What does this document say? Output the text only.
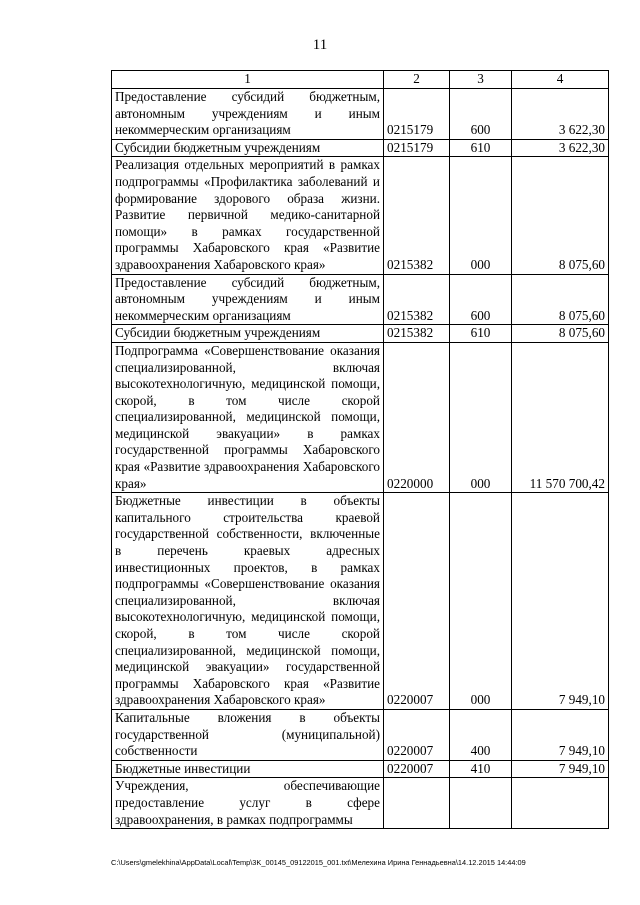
11
1	2	3	4
Предоставление субсидий бюджетным, автономным учреждениям и иным некоммерческим организациям	0215179	600	3 622,30
Субсидии бюджетным учреждениям	0215179	610	3 622,30
Реализация отдельных мероприятий в рамках подпрограммы «Профилактика заболеваний и формирование здорового образа жизни. Развитие первичной медико-санитарной помощи» в рамках государственной программы Хабаровского края «Развитие здравоохранения Хабаровского края»	0215382	000	8 075,60
Предоставление субсидий бюджетным, автономным учреждениям и иным некоммерческим организациям	0215382	600	8 075,60
Субсидии бюджетным учреждениям	0215382	610	8 075,60
Подпрограмма «Совершенствование оказания специализированной, включая высокотехнологичную, медицинской помощи, скорой, в том числе скорой специализированной, медицинской помощи, медицинской эвакуации» в рамках государственной программы Хабаровского края «Развитие здравоохранения Хабаровского края»	0220000	000	11 570 700,42
Бюджетные инвестиции в объекты капитального строительства краевой государственной собственности, включенные в перечень краевых адресных инвестиционных проектов, в рамках подпрограммы «Совершенствование оказания специализированной, включая высокотехнологичную, медицинской помощи, скорой, в том числе скорой специализированной, медицинской помощи, медицинской эвакуации» государственной программы Хабаровского края «Развитие здравоохранения Хабаровского края»	0220007	000	7 949,10
Капитальные вложения в объекты государственной (муниципальной) собственности	0220007	400	7 949,10
Бюджетные инвестиции	0220007	410	7 949,10
Учреждения, обеспечивающие предоставление услуг в сфере здравоохранения, в рамках подпрограммы			
C:\Users\gmelekhina\AppData\Local\Temp\3K_00145_09122015_001.txt\Мелехина Ирина Геннадьевна\14.12.2015 14:44:09
